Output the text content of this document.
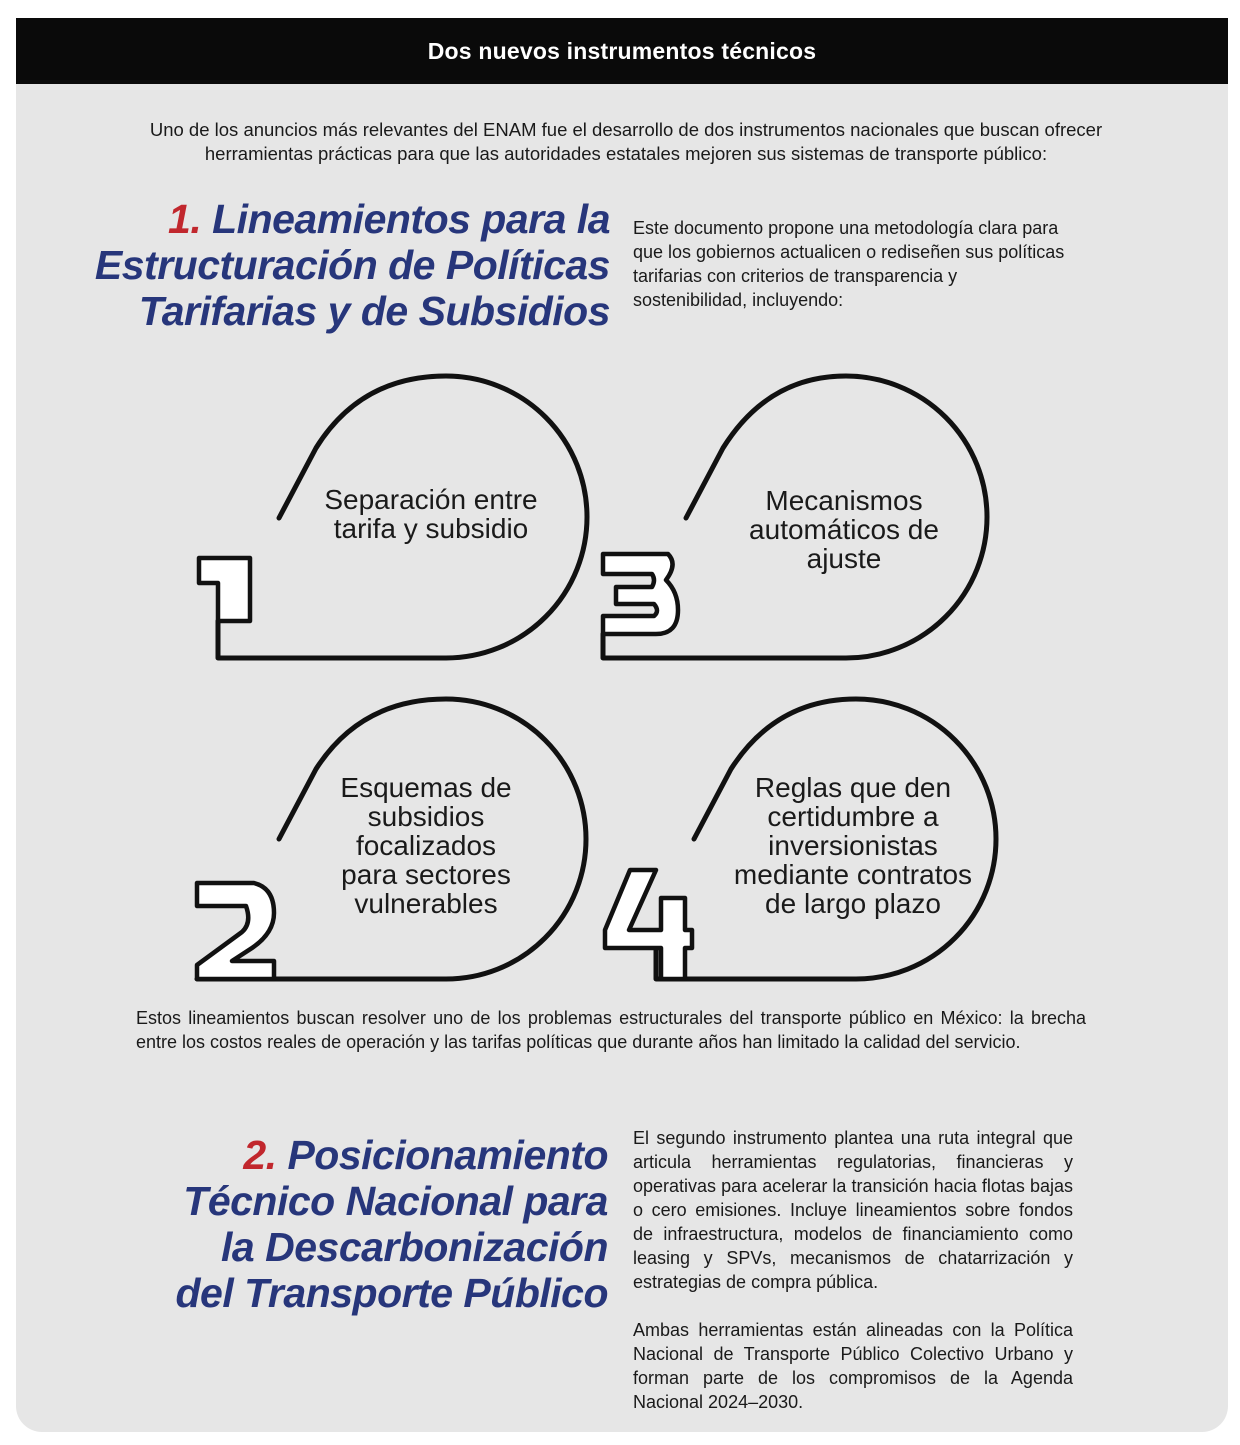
Dos nuevos instrumentos técnicos
Uno de los anuncios más relevantes del ENAM fue el desarrollo de dos instrumentos nacionales que buscan ofrecer herramientas prácticas para que las autoridades estatales mejoren sus sistemas de transporte público:
1. Lineamientos para la
Estructuración de Políticas
Tarifarias y de Subsidios
Este documento propone una metodología clara para que los gobiernos actualicen o rediseñen sus políticas tarifarias con criterios de transparencia y sostenibilidad, incluyendo:
Separación entre tarifa y subsidio
Mecanismos automáticos de ajuste
Esquemas de subsidios focalizados para sectores vulnerables
Reglas que den certidumbre a inversionistas mediante contratos de largo plazo
Estos lineamientos buscan resolver uno de los problemas estructurales del transporte público en México: la brecha entre los costos reales de operación y las tarifas políticas que durante años han limitado la calidad del servicio.
2. Posicionamiento
Técnico Nacional para
la Descarbonización
del Transporte Público
El segundo instrumento plantea una ruta integral que articula herramientas regulatorias, financieras y operativas para acelerar la transición hacia flotas bajas o cero emisiones. Incluye lineamientos sobre fondos de infraestructura, modelos de financiamiento como leasing y SPVs, mecanismos de chatarrización y estrategias de compra pública.
Ambas herramientas están alineadas con la Política Nacional de Transporte Público Colectivo Urbano y forman parte de los compromisos de la Agenda Nacional 2024–2030.
